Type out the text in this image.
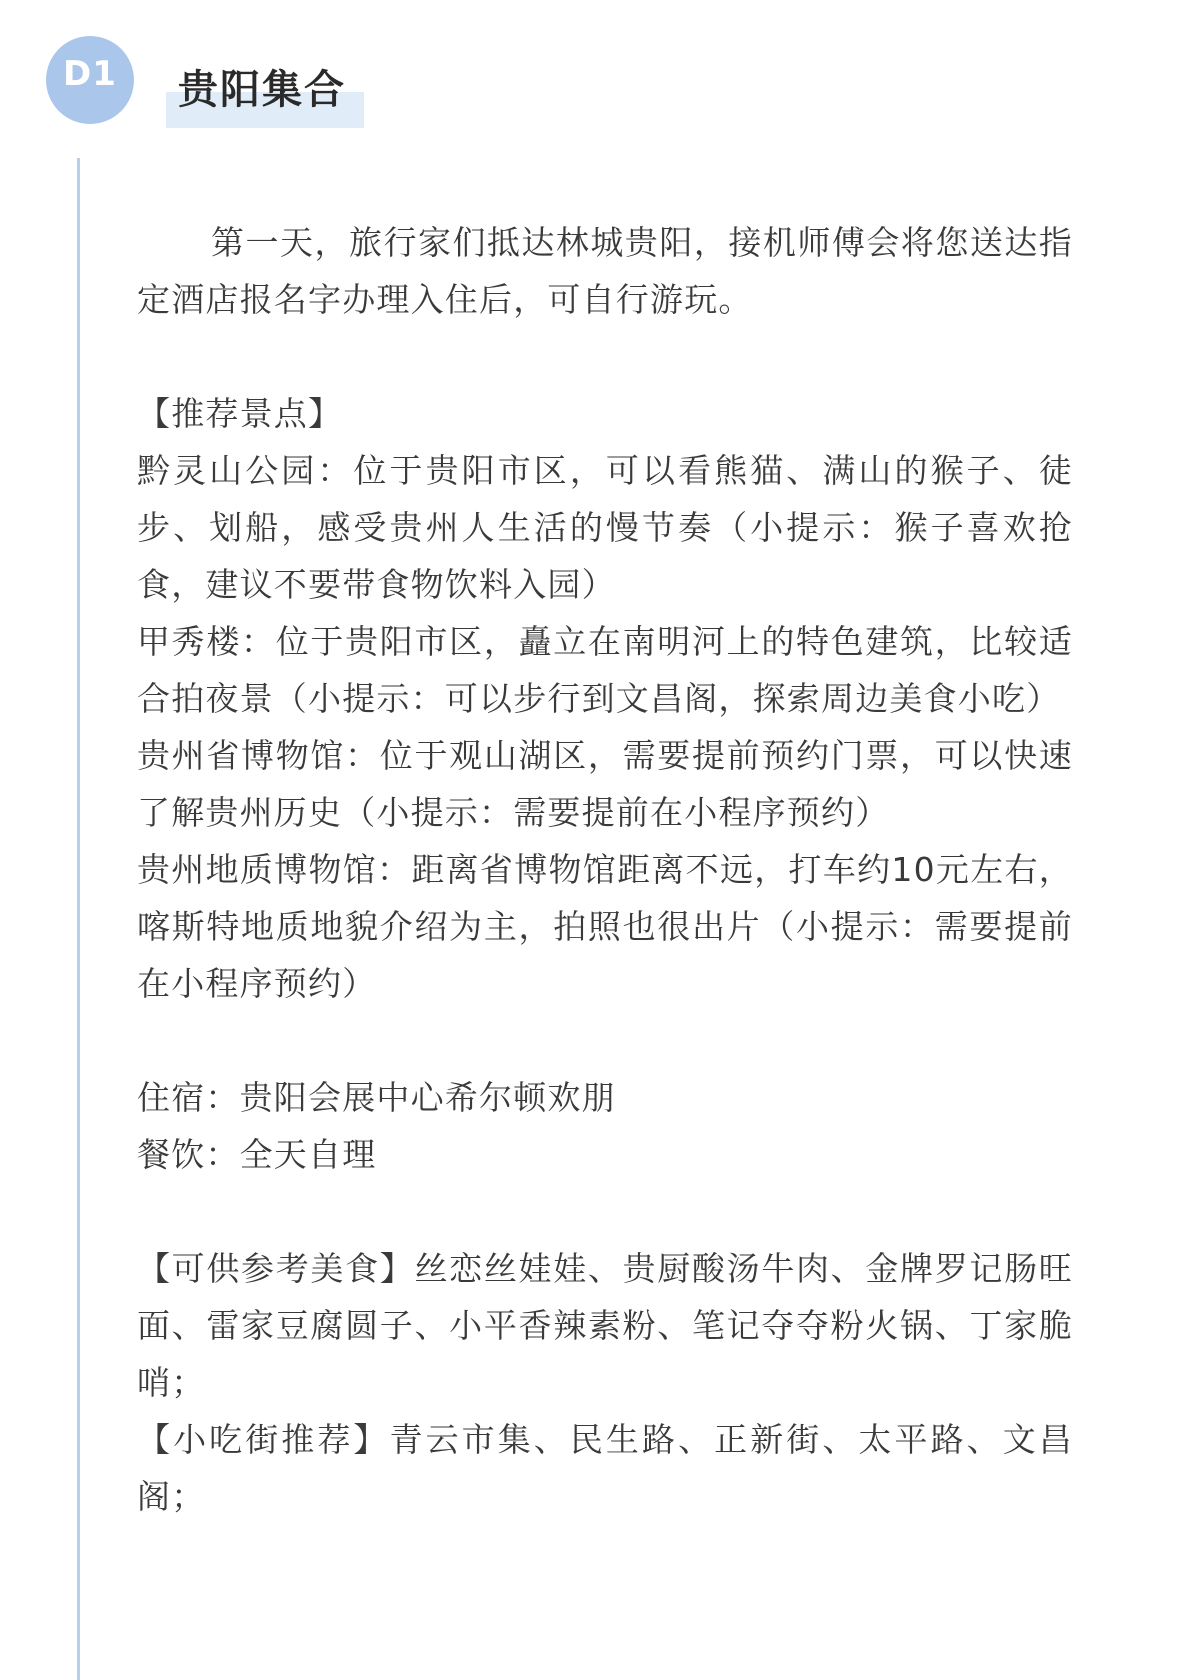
D1	贵阳集合

第一天，旅行家们抵达林城贵阳，接机师傅会将您送达指定酒店报名字办理入住后，可自行游玩。

【推荐景点】

黔灵山公园：位于贵阳市区，可以看熊猫、满山的猴子、徒步、划船，感受贵州人生活的慢节奏（小提示：猴子喜欢抢食，建议不要带食物饮料入园）

甲秀楼：位于贵阳市区，矗立在南明河上的特色建筑，比较适合拍夜景（小提示：可以步行到文昌阁，探索周边美食小吃）

贵州省博物馆：位于观山湖区，需要提前预约门票，可以快速了解贵州历史（小提示：需要提前在小程序预约）

贵州地质博物馆：距离省博物馆距离不远，打车约10元左右，喀斯特地质地貌介绍为主，拍照也很出片（小提示：需要提前在小程序预约）

住宿：贵阳会展中心希尔顿欢朋

餐饮：全天自理

【可供参考美食】丝恋丝娃娃、贵厨酸汤牛肉、金牌罗记肠旺面、雷家豆腐圆子、小平香辣素粉、笔记夺夺粉火锅、丁家脆哨；

【小吃街推荐】青云市集、民生路、正新街、太平路、文昌阁；
